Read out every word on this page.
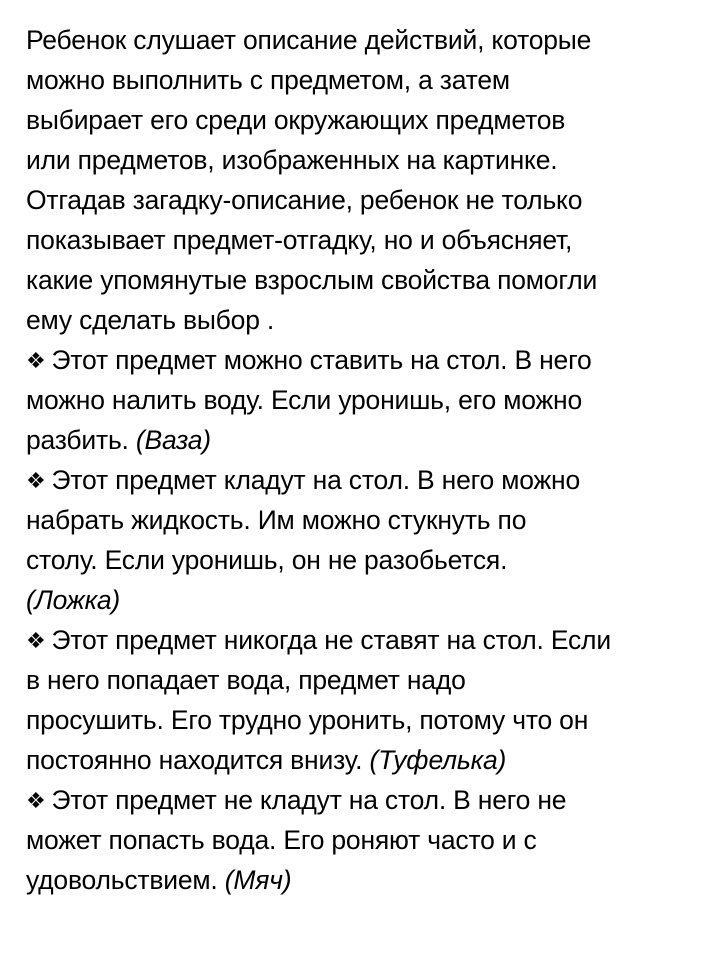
Ребенок слушает описание действий, которые
можно выполнить с предметом, а затем
выбирает его среди окружающих предметов
или предметов, изображенных на картинке.
Отгадав загадку-описание, ребенок не только
показывает предмет-отгадку, но и объясняет,
какие упомянутые взрослым свойства помогли
ему сделать выбор .
❖ Этот предмет можно ставить на стол. В него
можно налить воду. Если уронишь, его можно
разбить. (Ваза)
❖ Этот предмет кладут на стол. В него можно
набрать жидкость. Им можно стукнуть по
столу. Если уронишь, он не разобьется.
(Ложка)
❖ Этот предмет никогда не ставят на стол. Если
в него попадает вода, предмет надо
просушить. Его трудно уронить, потому что он
постоянно находится внизу. (Туфелька)
❖ Этот предмет не кладут на стол. В него не
может попасть вода. Его роняют часто и с
удовольствием. (Мяч)
